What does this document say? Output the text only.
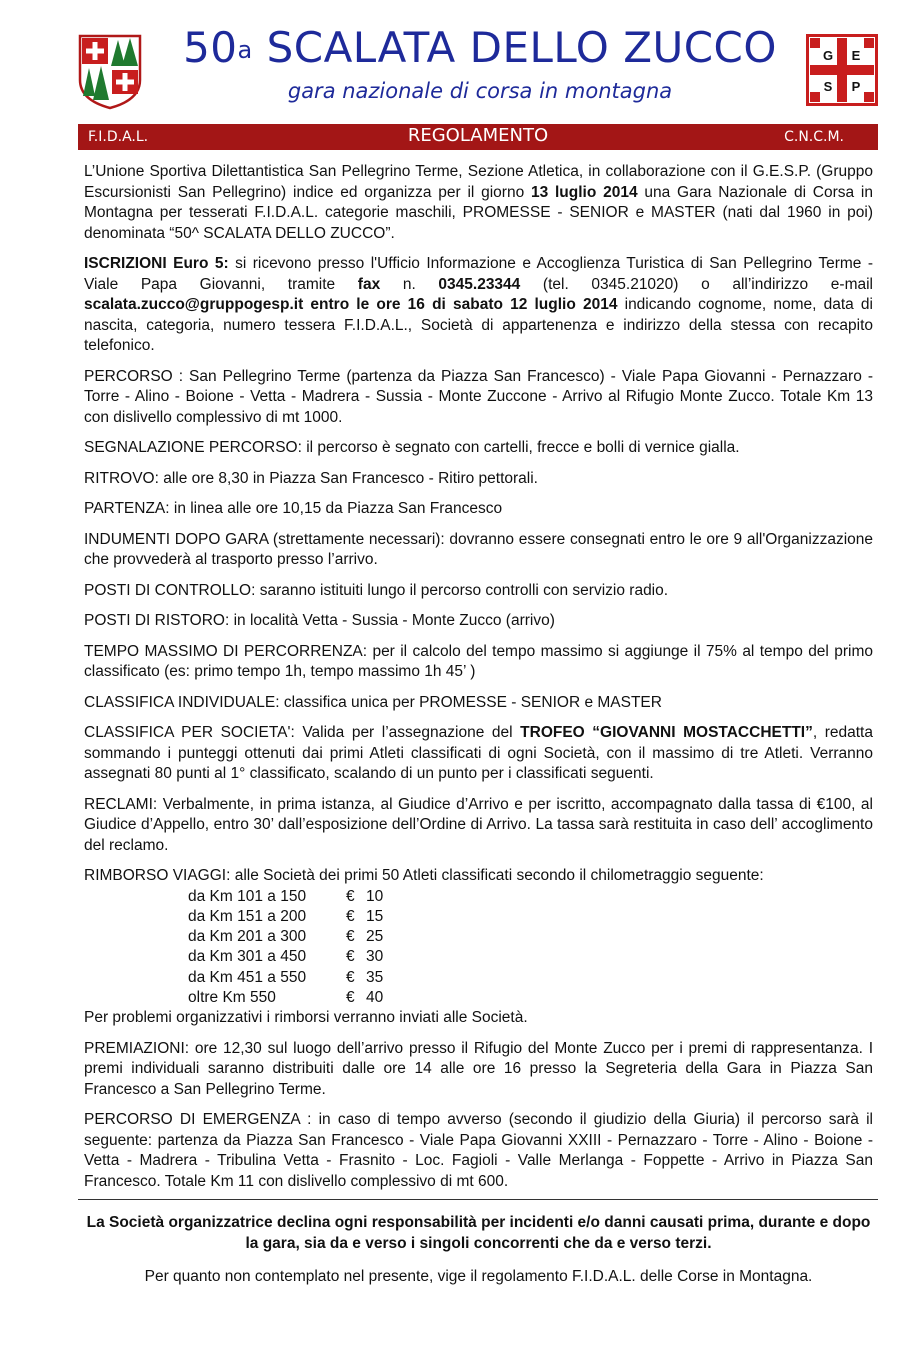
50$^a$ SCALATA DELLO ZUCCO
gara nazionale di corsa in montagna
G E
S P
F.I.D.A.L.	REGOLAMENTO	C.N.C.M.

L’Unione Sportiva Dilettantistica San Pellegrino Terme, Sezione Atletica, in collaborazione con il G.E.S.P. (Gruppo Escursionisti San Pellegrino) indice ed organizza per il giorno 13 luglio 2014 una Gara Nazionale di Corsa in Montagna per tesserati F.I.D.A.L. categorie maschili, PROMESSE - SENIOR e MASTER (nati dal 1960 in poi) denominata “50^ SCALATA DELLO ZUCCO”.

ISCRIZIONI Euro 5: si ricevono presso l'Ufficio Informazione e Accoglienza Turistica di San Pellegrino Terme - Viale Papa Giovanni, tramite fax n. 0345.23344 (tel. 0345.21020) o all’indirizzo e-mail scalata.zucco@gruppogesp.it entro le ore 16 di sabato 12 luglio 2014 indicando cognome, nome, data di nascita, categoria, numero tessera F.I.D.A.L., Società di appartenenza e indirizzo della stessa con recapito telefonico.

PERCORSO : San Pellegrino Terme (partenza da Piazza San Francesco) - Viale Papa Giovanni - Pernazzaro - Torre - Alino - Boione - Vetta - Madrera - Sussia - Monte Zuccone - Arrivo al Rifugio Monte Zucco. Totale Km 13 con dislivello complessivo di mt 1000.

SEGNALAZIONE PERCORSO: il percorso è segnato con cartelli, frecce e bolli di vernice gialla.

RITROVO: alle ore 8,30 in Piazza San Francesco - Ritiro pettorali.

PARTENZA: in linea alle ore 10,15 da Piazza San Francesco

INDUMENTI DOPO GARA (strettamente necessari): dovranno essere consegnati entro le ore 9 all'Organizzazione che provvederà al trasporto presso l’arrivo.

POSTI DI CONTROLLO: saranno istituiti lungo il percorso controlli con servizio radio.

POSTI DI RISTORO: in località Vetta - Sussia - Monte Zucco (arrivo)

TEMPO MASSIMO DI PERCORRENZA: per il calcolo del tempo massimo si aggiunge il 75% al tempo del primo classificato (es: primo tempo 1h, tempo massimo 1h 45’ )

CLASSIFICA INDIVIDUALE: classifica unica per PROMESSE - SENIOR e MASTER

CLASSIFICA PER SOCIETA': Valida per l’assegnazione del TROFEO “GIOVANNI MOSTACCHETTI”, redatta sommando i punteggi ottenuti dai primi Atleti classificati di ogni Società, con il massimo di tre Atleti. Verranno assegnati 80 punti al 1° classificato, scalando di un punto per i classificati seguenti.

RECLAMI: Verbalmente, in prima istanza, al Giudice d’Arrivo e per iscritto, accompagnato dalla tassa di €100, al Giudice d’Appello, entro 30’ dall’esposizione dell’Ordine di Arrivo. La tassa sarà restituita in caso dell’ accoglimento del reclamo.

RIMBORSO VIAGGI: alle Società dei primi 50 Atleti classificati secondo il chilometraggio seguente:
da Km 101 a 150	€	10
da Km 151 a 200	€	15
da Km 201 a 300	€	25
da Km 301 a 450	€	30
da Km 451 a 550	€	35
oltre Km 550	€	40
Per problemi organizzativi i rimborsi verranno inviati alle Società.

PREMIAZIONI: ore 12,30 sul luogo dell’arrivo presso il Rifugio del Monte Zucco per i premi di rappresentanza. I premi individuali saranno distribuiti dalle ore 14 alle ore 16 presso la Segreteria della Gara in Piazza San Francesco a San Pellegrino Terme.

PERCORSO DI EMERGENZA : in caso di tempo avverso (secondo il giudizio della Giuria) il percorso sarà il seguente: partenza da Piazza San Francesco - Viale Papa Giovanni XXIII - Pernazzaro - Torre - Alino - Boione - Vetta - Madrera - Tribulina Vetta - Frasnito - Loc. Fagioli - Valle Merlanga - Foppette - Arrivo in Piazza San Francesco. Totale Km 11 con dislivello complessivo di mt 600.

La Società organizzatrice declina ogni responsabilità per incidenti e/o danni causati prima, durante e dopo la gara, sia da e verso i singoli concorrenti che da e verso terzi.

Per quanto non contemplato nel presente, vige il regolamento F.I.D.A.L. delle Corse in Montagna.
